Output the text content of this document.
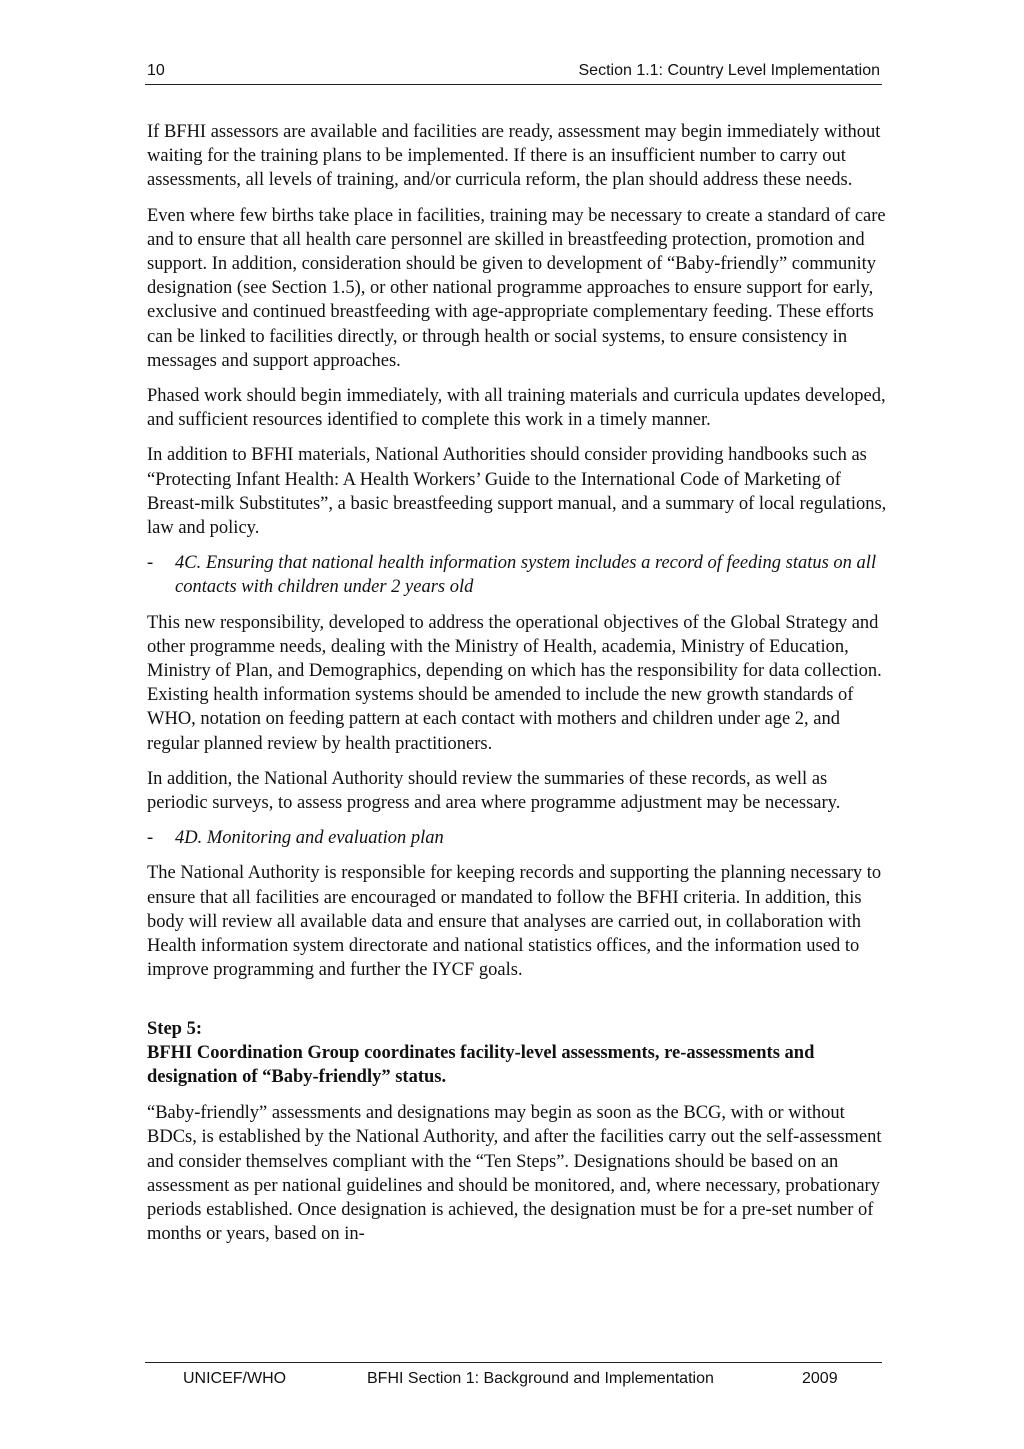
10	Section 1.1: Country Level Implementation

If BFHI assessors are available and facilities are ready, assessment may begin immediately without waiting for the training plans to be implemented. If there is an insufficient number to carry out assessments, all levels of training, and/or curricula reform, the plan should address these needs.

Even where few births take place in facilities, training may be necessary to create a standard of care and to ensure that all health care personnel are skilled in breastfeeding protection, promotion and support. In addition, consideration should be given to development of “Baby-friendly” community designation (see Section 1.5), or other national programme approaches to ensure support for early, exclusive and continued breastfeeding with age-appropriate complementary feeding. These efforts can be linked to facilities directly, or through health or social systems, to ensure consistency in messages and support approaches.

Phased work should begin immediately, with all training materials and curricula updates developed, and sufficient resources identified to complete this work in a timely manner.

In addition to BFHI materials, National Authorities should consider providing handbooks such as “Protecting Infant Health: A Health Workers’ Guide to the International Code of Marketing of Breast-milk Substitutes”, a basic breastfeeding support manual, and a summary of local regulations, law and policy.

-	4C. Ensuring that national health information system includes a record of feeding status on all contacts with children under 2 years old

This new responsibility, developed to address the operational objectives of the Global Strategy and other programme needs, dealing with the Ministry of Health, academia, Ministry of Education, Ministry of Plan, and Demographics, depending on which has the responsibility for data collection. Existing health information systems should be amended to include the new growth standards of WHO, notation on feeding pattern at each contact with mothers and children under age 2, and regular planned review by health practitioners.

In addition, the National Authority should review the summaries of these records, as well as periodic surveys, to assess progress and area where programme adjustment may be necessary.

-	4D. Monitoring and evaluation plan

The National Authority is responsible for keeping records and supporting the planning necessary to ensure that all facilities are encouraged or mandated to follow the BFHI criteria. In addition, this body will review all available data and ensure that analyses are carried out, in collaboration with Health information system directorate and national statistics offices, and the information used to improve programming and further the IYCF goals.

Step 5:
BFHI Coordination Group coordinates facility-level assessments, re-assessments and designation of “Baby-friendly” status.

“Baby-friendly” assessments and designations may begin as soon as the BCG, with or without BDCs, is established by the National Authority, and after the facilities carry out the self-assessment and consider themselves compliant with the “Ten Steps”. Designations should be based on an assessment as per national guidelines and should be monitored, and, where necessary, probationary periods established. Once designation is achieved, the designation must be for a pre-set number of months or years, based on in-

UNICEF/WHO	BFHI Section 1: Background and Implementation	2009
